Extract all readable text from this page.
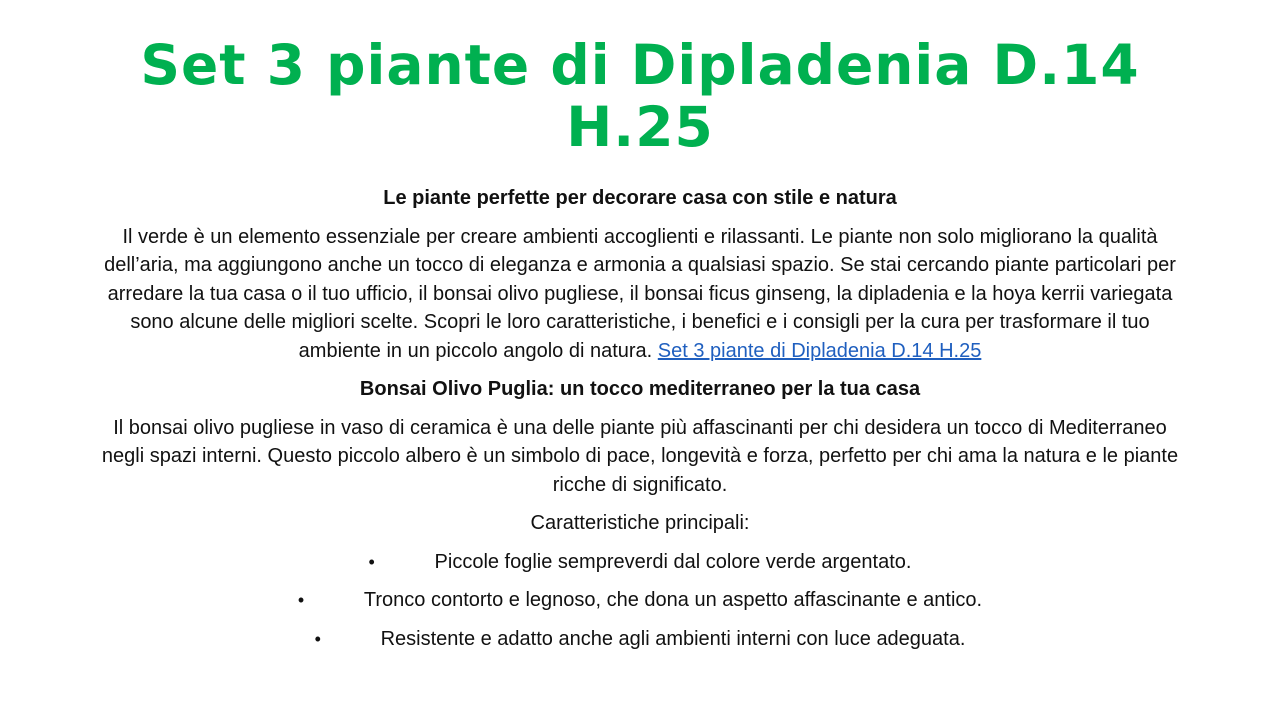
Set 3 piante di Dipladenia D.14 H.25

Le piante perfette per decorare casa con stile e natura

Il verde è un elemento essenziale per creare ambienti accoglienti e rilassanti. Le piante non solo migliorano la qualità dell’aria, ma aggiungono anche un tocco di eleganza e armonia a qualsiasi spazio. Se stai cercando piante particolari per arredare la tua casa o il tuo ufficio, il bonsai olivo pugliese, il bonsai ficus ginseng, la dipladenia e la hoya kerrii variegata sono alcune delle migliori scelte. Scopri le loro caratteristiche, i benefici e i consigli per la cura per trasformare il tuo ambiente in un piccolo angolo di natura. Set 3 piante di Dipladenia D.14 H.25

Bonsai Olivo Puglia: un tocco mediterraneo per la tua casa

Il bonsai olivo pugliese in vaso di ceramica è una delle piante più affascinanti per chi desidera un tocco di Mediterraneo negli spazi interni. Questo piccolo albero è un simbolo di pace, longevità e forza, perfetto per chi ama la natura e le piante ricche di significato.

Caratteristiche principali:

•	Piccole foglie sempreverdi dal colore verde argentato.
•	Tronco contorto e legnoso, che dona un aspetto affascinante e antico.
•	Resistente e adatto anche agli ambienti interni con luce adeguata.
